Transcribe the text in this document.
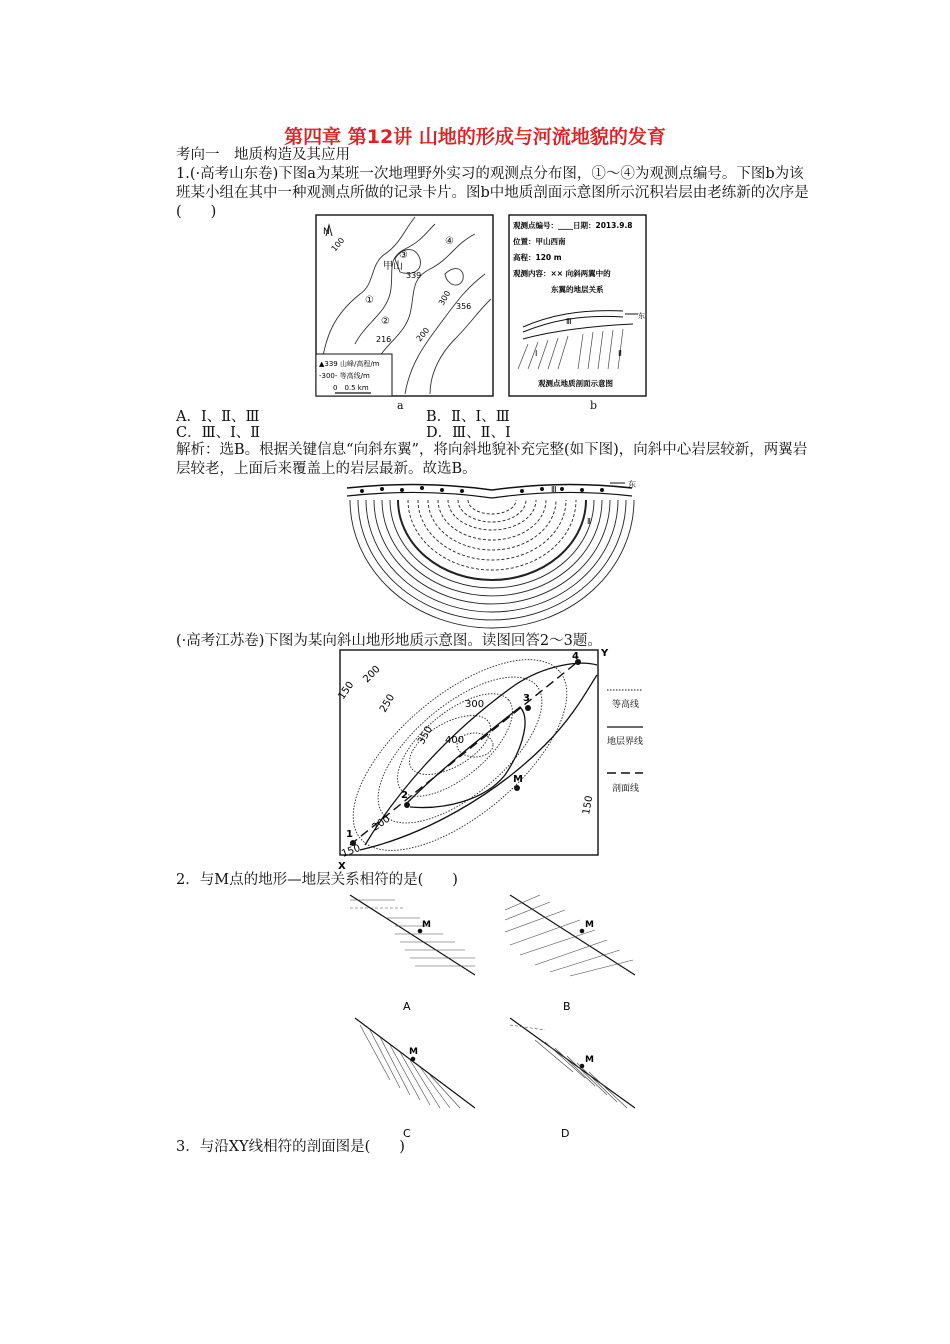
第四章 第12讲 山地的形成与河流地貌的发育
考向一　地质构造及其应用
1.(·高考山东卷)下图a为某班一次地理野外实习的观测点分布图，①～④为观测点编号。下图b为该班某小组在其中一种观测点所做的记录卡片。图b中地质剖面示意图所示沉积岩层由老练新的次序是(　　)
N
100
300
200
甲山
339
356
216
①
②
③
④
▲339 山峰/高程/m
-300- 等高线/m
0　0.5 km
a
观测点编号：____日期：2013.9.8
位置：甲山西南
高程：120 m
观测内容：×× 向斜两翼中的
东翼的地层关系
东
Ⅲ
Ⅰ	Ⅱ
观测点地质剖面示意图
b
A．Ⅰ、Ⅱ、Ⅲ	B．Ⅱ、Ⅰ、Ⅲ
C．Ⅲ、Ⅰ、Ⅱ	D．Ⅲ、Ⅱ、Ⅰ
解析：选B。根据关键信息“向斜东翼”，将向斜地貌补充完整(如下图)，向斜中心岩层较新，两翼岩层较老，上面后来覆盖上的岩层最新。故选B。
东
Ⅲ
Ⅱ
(·高考江苏卷)下图为某向斜山地形地质示意图。读图回答2～3题。
1
2
3
4
M
X
Y
150
200
250	300
350 400
200
150
150
等高线
地层界线
剖面线
2．与M点的地形—地层关系相符的是(　　)
M
A
M
B
M
C
M
D
3．与沿XY线相符的剖面图是(　　)
